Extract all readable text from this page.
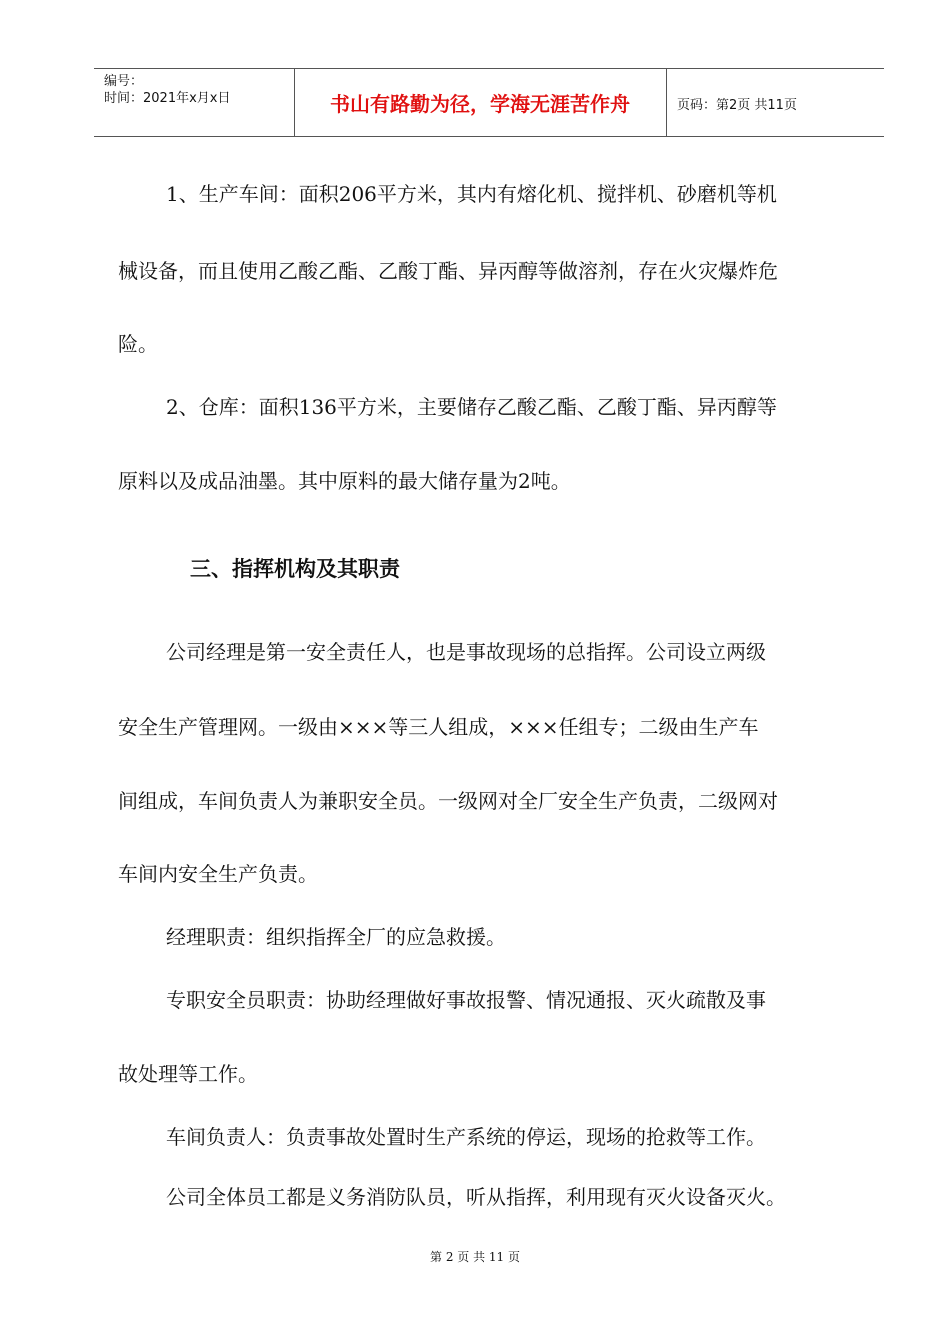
编号：
时间：2021年x月x日	书山有路勤为径，学海无涯苦作舟	页码：第2页 共11页
1、生产车间：面积206平方米，其内有熔化机、搅拌机、砂磨机等机
械设备，而且使用乙酸乙酯、乙酸丁酯、异丙醇等做溶剂，存在火灾爆炸危
险。
2、仓库：面积136平方米，主要储存乙酸乙酯、乙酸丁酯、异丙醇等
原料以及成品油墨。其中原料的最大储存量为2吨。
三、指挥机构及其职责
公司经理是第一安全责任人，也是事故现场的总指挥。公司设立两级
安全生产管理网。一级由×××等三人组成，×××任组专；二级由生产车
间组成，车间负责人为兼职安全员。一级网对全厂安全生产负责，二级网对
车间内安全生产负责。
经理职责：组织指挥全厂的应急救援。
专职安全员职责：协助经理做好事故报警、情况通报、灭火疏散及事
故处理等工作。
车间负责人：负责事故处置时生产系统的停运，现场的抢救等工作。
公司全体员工都是义务消防队员，听从指挥，利用现有灭火设备灭火。
第 2 页 共 11 页
